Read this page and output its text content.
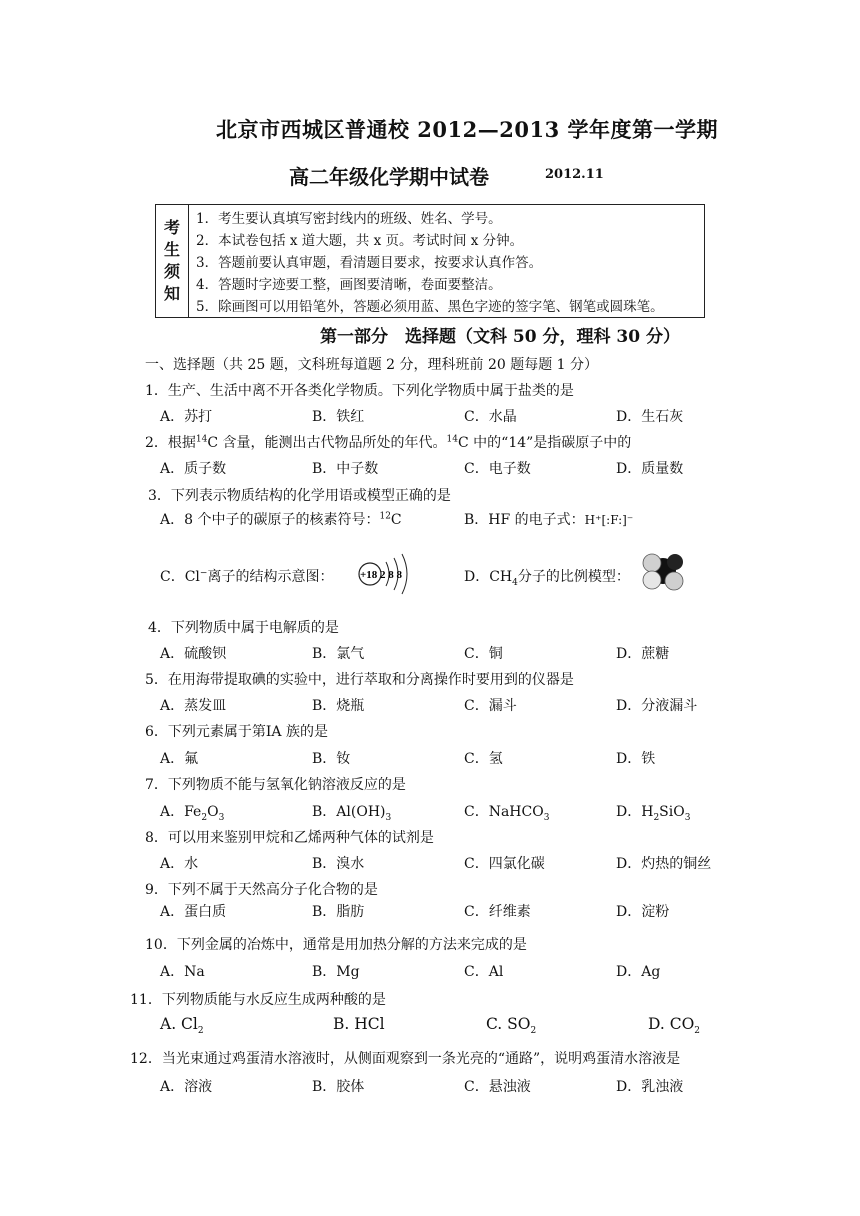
北京市西城区普通校 2012—2013 学年度第一学期
高二年级化学期中试卷	2012.11
考
生
须
知
1．考生要认真填写密封线内的班级、姓名、学号。
2．本试卷包括 x 道大题，共 x 页。考试时间 x 分钟。
3．答题前要认真审题，看清题目要求，按要求认真作答。
4．答题时字迹要工整，画图要清晰，卷面要整洁。
5．除画图可以用铅笔外，答题必须用蓝、黑色字迹的签字笔、钢笔或圆珠笔。
第一部分　选择题（文科 50 分，理科 30 分）
一、选择题（共 25 题，文科班每道题 2 分，理科班前 20 题每题 1 分）
1．生产、生活中离不开各类化学物质。下列化学物质中属于盐类的是
A．苏打	B．铁红	C．水晶	D．生石灰
2．根据$^{14}$C 含量，能测出古代物品所处的年代。$^{14}$C 中的“14”是指碳原子中的
A．质子数	B．中子数	C．电子数	D．质量数
3．下列表示物质结构的化学用语或模型正确的是
A．8 个中子的碳原子的核素符号：$^{12}$C	B．HF 的电子式：H⁺[:F:]⁻
C．Cl−离子的结构示意图： +18 2 8 8	D．$CH_4$分子的比例模型：
4．下列物质中属于电解质的是
A．硫酸钡	B．氯气	C．铜	D．蔗糖
5．在用海带提取碘的实验中，进行萃取和分离操作时要用到的仪器是
A．蒸发皿	B．烧瓶	C．漏斗	D．分液漏斗
6．下列元素属于第ⅠA 族的是
A．氟	B．钕	C．氢	D．铁
7．下列物质不能与氢氧化钠溶液反应的是
A．$Fe_2O_3$	B．$Al(OH)_3$	C．NaHCO$_3$	D．$H_2SiO_3$
8．可以用来鉴别甲烷和乙烯两种气体的试剂是
A．水	B．溴水	C．四氯化碳	D．灼热的铜丝
9．下列不属于天然高分子化合物的是
A．蛋白质	B．脂肪	C．纤维素	D．淀粉
10．下列金属的冶炼中，通常是用加热分解的方法来完成的是
A．Na	B．Mg	C．Al	D．Ag
11．下列物质能与水反应生成两种酸的是
A. $Cl_2$	B. HCl	C. $SO_2$	D. $CO_2$
12．当光束通过鸡蛋清水溶液时，从侧面观察到一条光亮的“通路”，说明鸡蛋清水溶液是
A．溶液	B．胶体	C．悬浊液	D．乳浊液
